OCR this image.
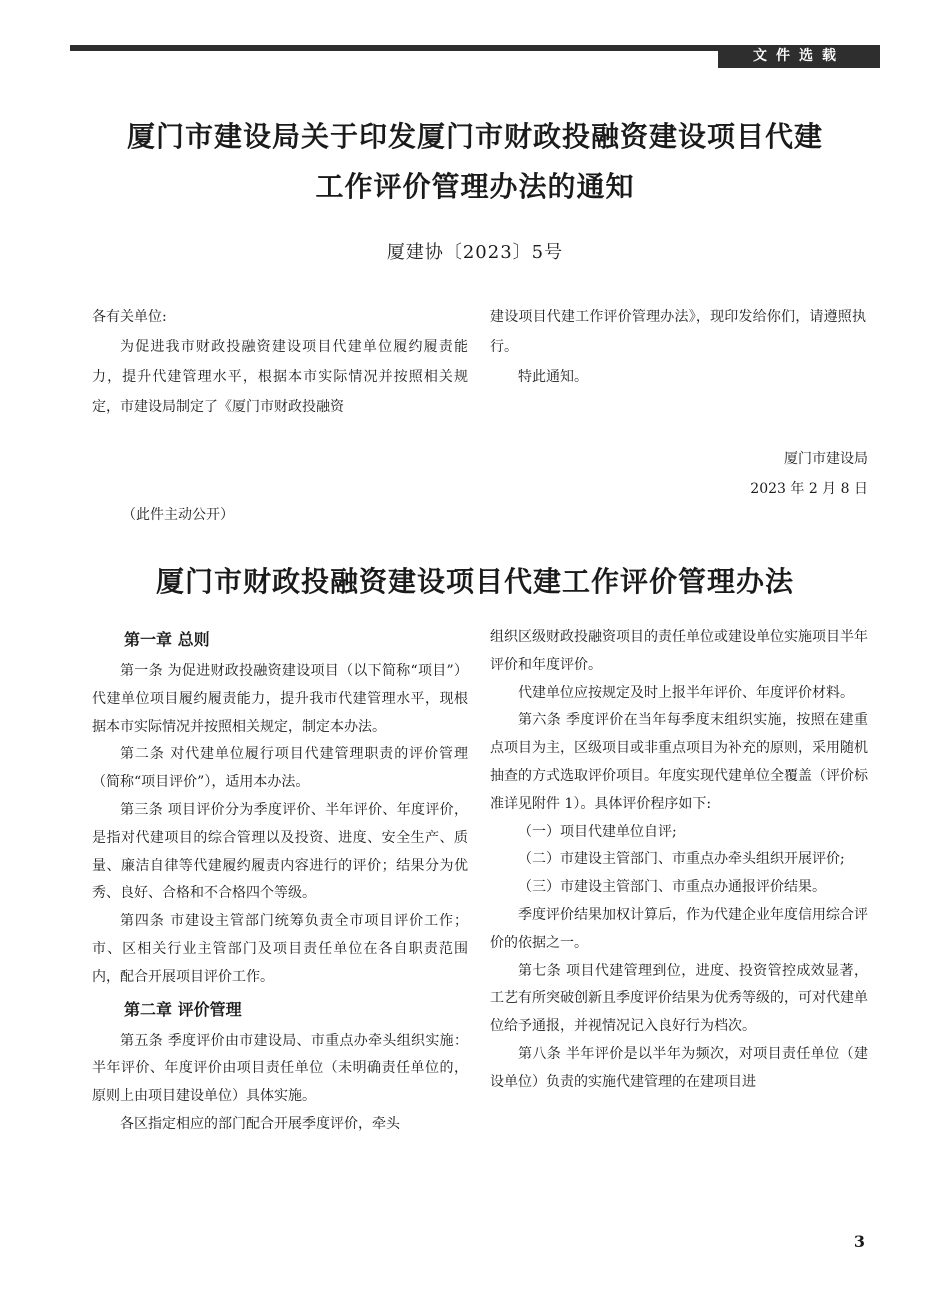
文件选载
厦门市建设局关于印发厦门市财政投融资建设项目代建
工作评价管理办法的通知
厦建协〔2023〕5号

各有关单位:

为促进我市财政投融资建设项目代建单位履约履责能力，提升代建管理水平，根据本市实际情况并按照相关规定，市建设局制定了《厦门市财政投融资

建设项目代建工作评价管理办法》，现印发给你们，请遵照执行。

特此通知。

厦门市建设局
2023 年 2 月 8 日
（此件主动公开）
厦门市财政投融资建设项目代建工作评价管理办法

第一章 总则

第一条 为促进财政投融资建设项目（以下简称“项目”）代建单位项目履约履责能力，提升我市代建管理水平，现根据本市实际情况并按照相关规定，制定本办法。

第二条 对代建单位履行项目代建管理职责的评价管理（简称“项目评价”），适用本办法。

第三条 项目评价分为季度评价、半年评价、年度评价，是指对代建项目的综合管理以及投资、进度、安全生产、质量、廉洁自律等代建履约履责内容进行的评价；结果分为优秀、良好、合格和不合格四个等级。

第四条 市建设主管部门统筹负责全市项目评价工作；市、区相关行业主管部门及项目责任单位在各自职责范围内，配合开展项目评价工作。

第二章 评价管理

第五条 季度评价由市建设局、市重点办牵头组织实施：半年评价、年度评价由项目责任单位（未明确责任单位的，原则上由项目建设单位）具体实施。

各区指定相应的部门配合开展季度评价，牵头

组织区级财政投融资项目的责任单位或建设单位实施项目半年评价和年度评价。

代建单位应按规定及时上报半年评价、年度评价材料。

第六条 季度评价在当年每季度末组织实施，按照在建重点项目为主，区级项目或非重点项目为补充的原则，采用随机抽查的方式选取评价项目。年度实现代建单位全覆盖（评价标准详见附件 1）。具体评价程序如下:

（一）项目代建单位自评;

（二）市建设主管部门、市重点办牵头组织开展评价;

（三）市建设主管部门、市重点办通报评价结果。

季度评价结果加权计算后，作为代建企业年度信用综合评价的依据之一。

第七条 项目代建管理到位，进度、投资管控成效显著，工艺有所突破创新且季度评价结果为优秀等级的，可对代建单位给予通报，并视情况记入良好行为档次。

第八条 半年评价是以半年为频次，对项目责任单位（建设单位）负责的实施代建管理的在建项目进

3
